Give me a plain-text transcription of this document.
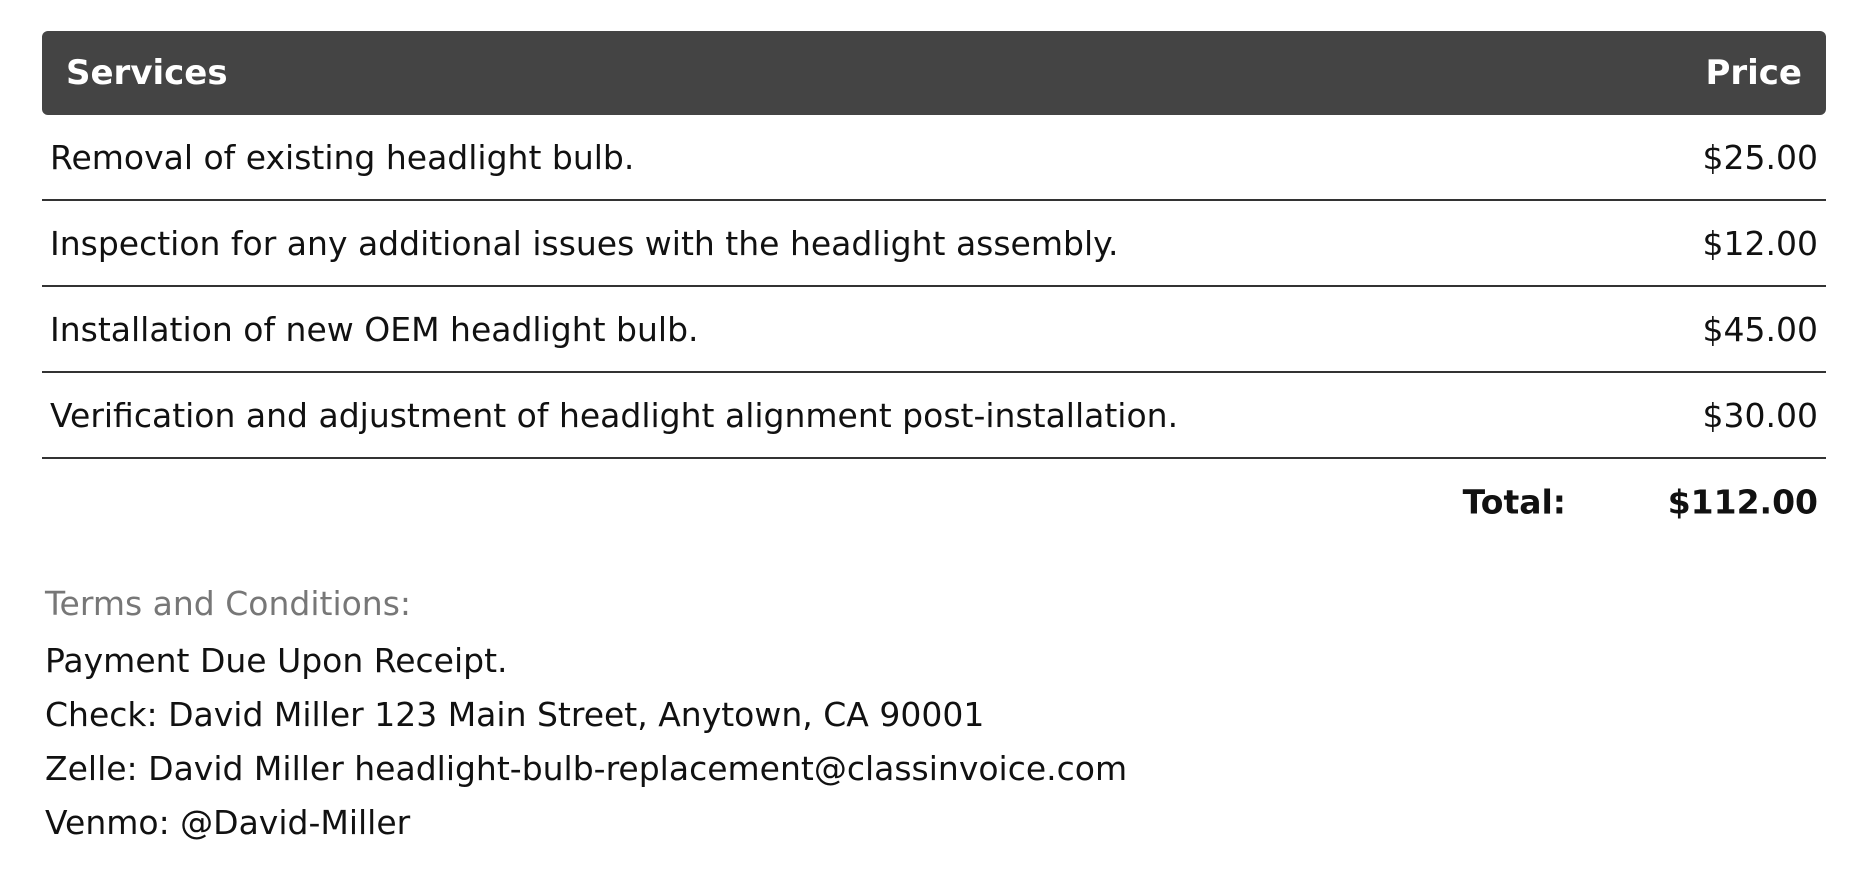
Services	Price
Removal of existing headlight bulb.	$25.00
Inspection for any additional issues with the headlight assembly.	$12.00
Installation of new OEM headlight bulb.	$45.00
Verification and adjustment of headlight alignment post-installation.	$30.00
Total:	$112.00
Terms and Conditions:
Payment Due Upon Receipt.
Check: David Miller 123 Main Street, Anytown, CA 90001
Zelle: David Miller headlight-bulb-replacement@classinvoice.com
Venmo: @David-Miller
